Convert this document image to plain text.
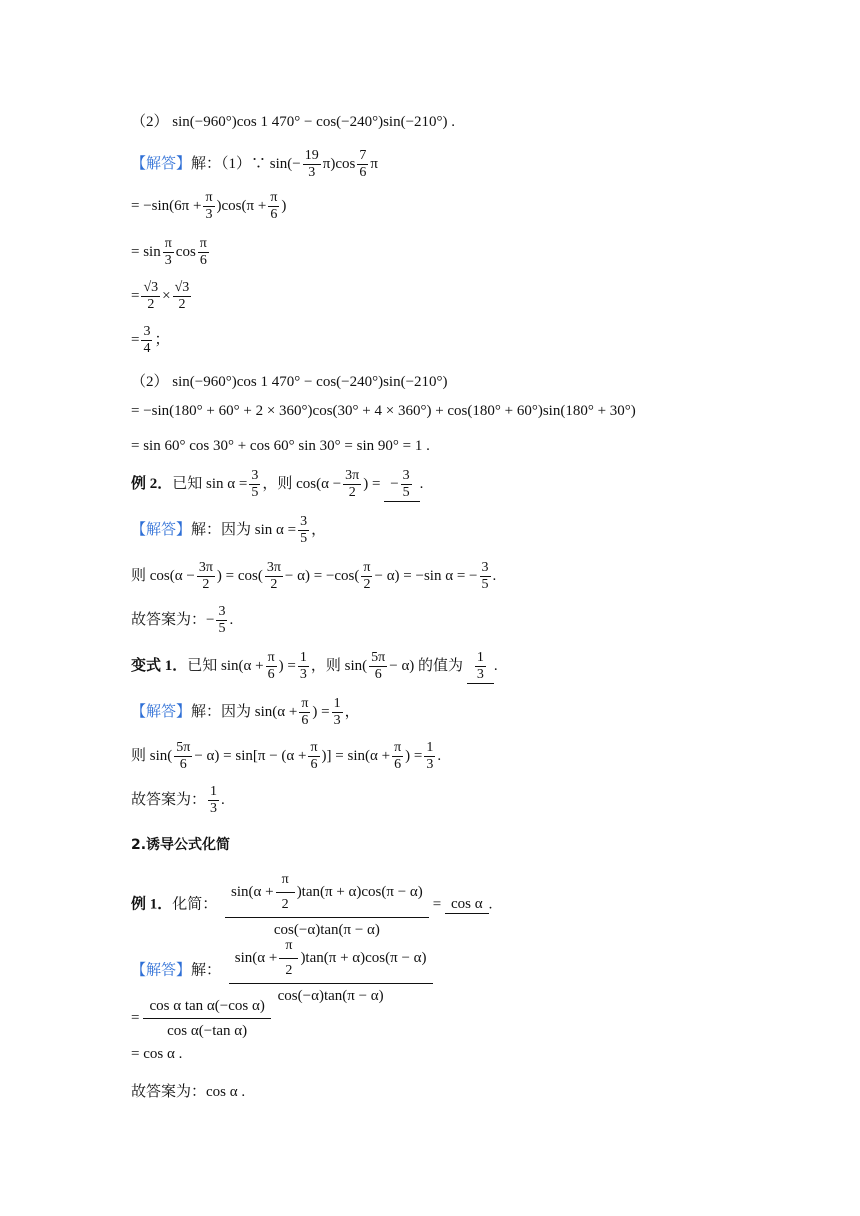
（2） sin(−960°)cos 1 470° − cos(−240°)sin(−210°) .
【解答】解：（1）∵ $\sin(- \frac{19}{3} \pi)\cos \frac{7}{6}$ π
= $-\sin(6\pi + \frac{\pi}{3} )\cos(\pi + \frac{\pi}{6}$ )
= $\sin \frac{\pi}{3}$ $\cos \frac{\pi}{6}$
= $\frac{√3}{2} \times \frac{√3}{2}$
= $\frac{3}{4}$ ；
（2） sin(−960°)cos 1 470° − cos(−240°)sin(−210°)
= −sin(180° + 60° + 2 × 360°)cos(30° + 4 × 360°) + cos(180° + 60°)sin(180° + 30°)
= sin 60° cos 30° + cos 60° sin 30° = sin 90° = 1 .
例 2．已知 $\sin \alpha = \frac{3}{5}$ ，则 $\cos(\alpha - \frac{3\pi}{2}$ ) = − $\frac{3}{5}$ .
【解答】解：因为 $\sin \alpha = \frac{3}{5}$ ，
则 $\cos(\alpha - \frac{3\pi}{2}$ ) = $\cos( \frac{3\pi}{2} - \alpha) = -\cos( \frac{\pi}{2} - \alpha) = -\sin$ α = − $\frac{3}{5}$ .
故答案为：− $\frac{3}{5}$ .
变式 1．已知 $\sin(\alpha + \frac{\pi}{6}$ ) = $\frac{1}{3}$ ，则 $\sin( \frac{5\pi}{6} - \alpha)$ 的值为 $\frac{1}{3}$ .
【解答】解：因为 $\sin(\alpha + \frac{\pi}{6}$ ) = $\frac{1}{3}$ ，
则 $\sin( \frac{5\pi}{6} - \alpha) = \sin[\pi - (\alpha + \frac{\pi}{6}$ )] = $\sin(\alpha + \frac{\pi}{6}$ ) = $\frac{1}{3}$ .
故答案为： $\frac{1}{3}$ .
2.诱导公式化简
例 1．化简： $\frac{\sin(\alpha + \frac{\pi}{2} )\tan(\pi + \alpha)\cos(\pi - \alpha)}{\cos(-\alpha)\tan(\pi - \alpha)} = \cos \alpha$ .
【解答】解： $\frac{\sin(\alpha + \frac{\pi}{2} )\tan(\pi + \alpha)\cos(\pi - \alpha)}{\cos(-\alpha)\tan(\pi - \alpha)}$
= $\frac{\text{cos α tan α(−cos α)}}{\text{cos α(−tan α)}}$
= cos α .
故答案为：cos α .
